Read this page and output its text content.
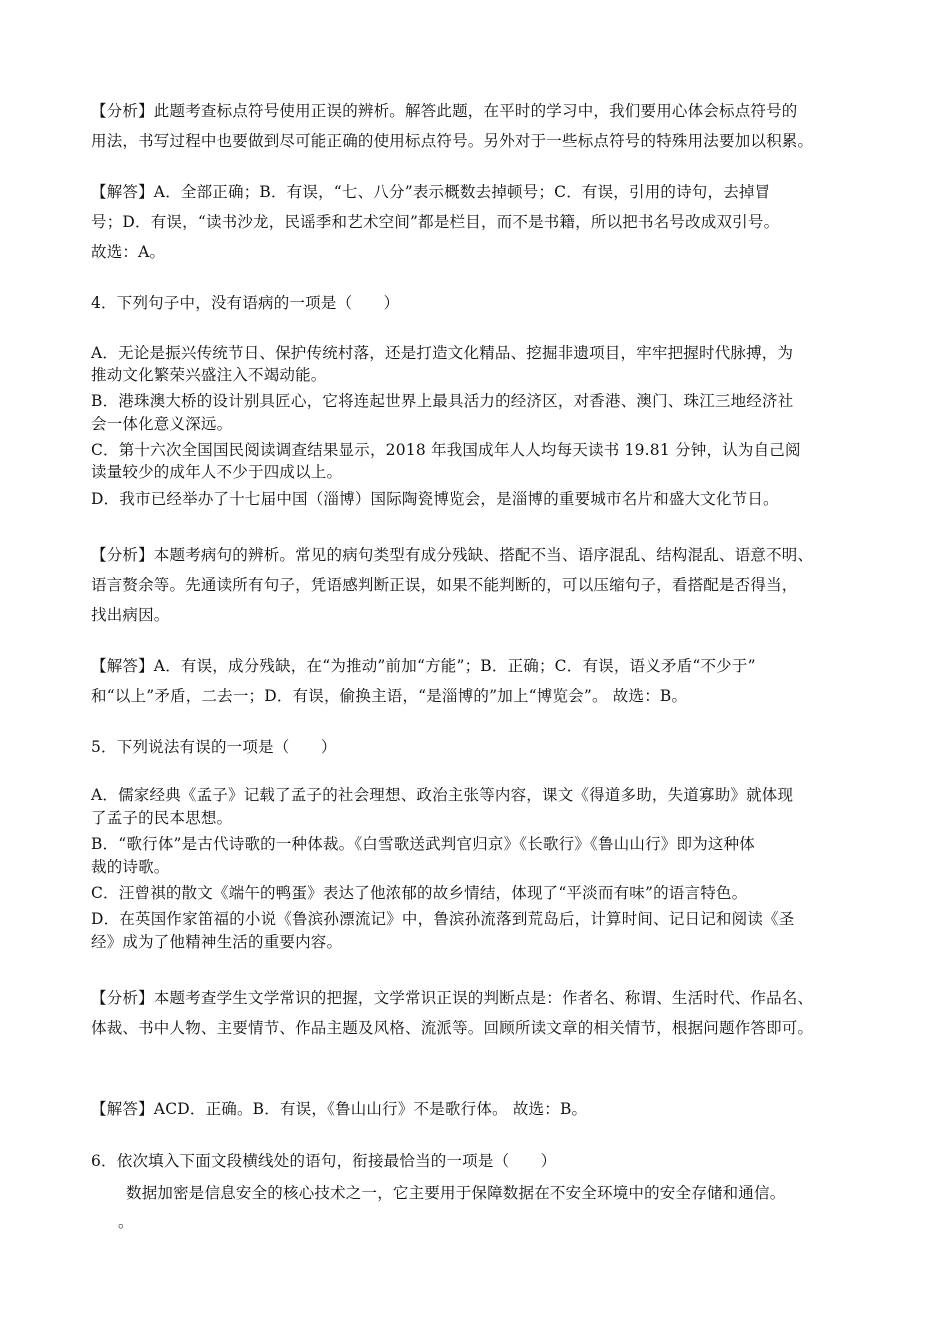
【分析】此题考查标点符号使用正误的辨析。解答此题，在平时的学习中，我们要用心体会标点符号的
用法，书写过程中也要做到尽可能正确的使用标点符号。另外对于一些标点符号的特殊用法要加以积累。
【解答】A．全部正确；B．有误，“七、八分”表示概数去掉顿号；C．有误，引用的诗句，去掉冒
号；D．有误，“读书沙龙，民谣季和艺术空间”都是栏目，而不是书籍，所以把书名号改成双引号。
故选：A。
4．下列句子中，没有语病的一项是（　　）
A．无论是振兴传统节日、保护传统村落，还是打造文化精品、挖掘非遗项目，牢牢把握时代脉搏，为
推动文化繁荣兴盛注入不竭动能。
B．港珠澳大桥的设计别具匠心，它将连起世界上最具活力的经济区，对香港、澳门、珠江三地经济社
会一体化意义深远。
C．第十六次全国国民阅读调查结果显示，2018 年我国成年人人均每天读书 19.81 分钟，认为自己阅
读量较少的成年人不少于四成以上。
D．我市已经举办了十七届中国（淄博）国际陶瓷博览会，是淄博的重要城市名片和盛大文化节日。
【分析】本题考病句的辨析。常见的病句类型有成分残缺、搭配不当、语序混乱、结构混乱、语意不明、
语言赘余等。先通读所有句子，凭语感判断正误，如果不能判断的，可以压缩句子，看搭配是否得当，
找出病因。
【解答】A．有误，成分残缺，在“为推动”前加“方能”；B．正确；C．有误，语义矛盾“不少于”
和“以上”矛盾，二去一；D．有误，偷换主语，“是淄博的”加上“博览会”。 故选：B。
5．下列说法有误的一项是（　　）
A．儒家经典《孟子》记载了孟子的社会理想、政治主张等内容，课文《得道多助，失道寡助》就体现
了孟子的民本思想。
B．“歌行体”是古代诗歌的一种体裁。《白雪歌送武判官归京》《长歌行》《鲁山山行》即为这种体
裁的诗歌。
C．汪曾祺的散文《端午的鸭蛋》表达了他浓郁的故乡情结，体现了“平淡而有味”的语言特色。
D．在英国作家笛福的小说《鲁滨孙漂流记》中，鲁滨孙流落到荒岛后，计算时间、记日记和阅读《圣
经》成为了他精神生活的重要内容。
【分析】本题考查学生文学常识的把握，文学常识正误的判断点是：作者名、称谓、生活时代、作品名、
体裁、书中人物、主要情节、作品主题及风格、流派等。回顾所读文章的相关情节，根据问题作答即可。
【解答】ACD．正确。B．有误，《鲁山山行》不是歌行体。 故选：B。
6．依次填入下面文段横线处的语句，衔接最恰当的一项是（　　）
数据加密是信息安全的核心技术之一，它主要用于保障数据在不安全环境中的安全存储和通信。
。
